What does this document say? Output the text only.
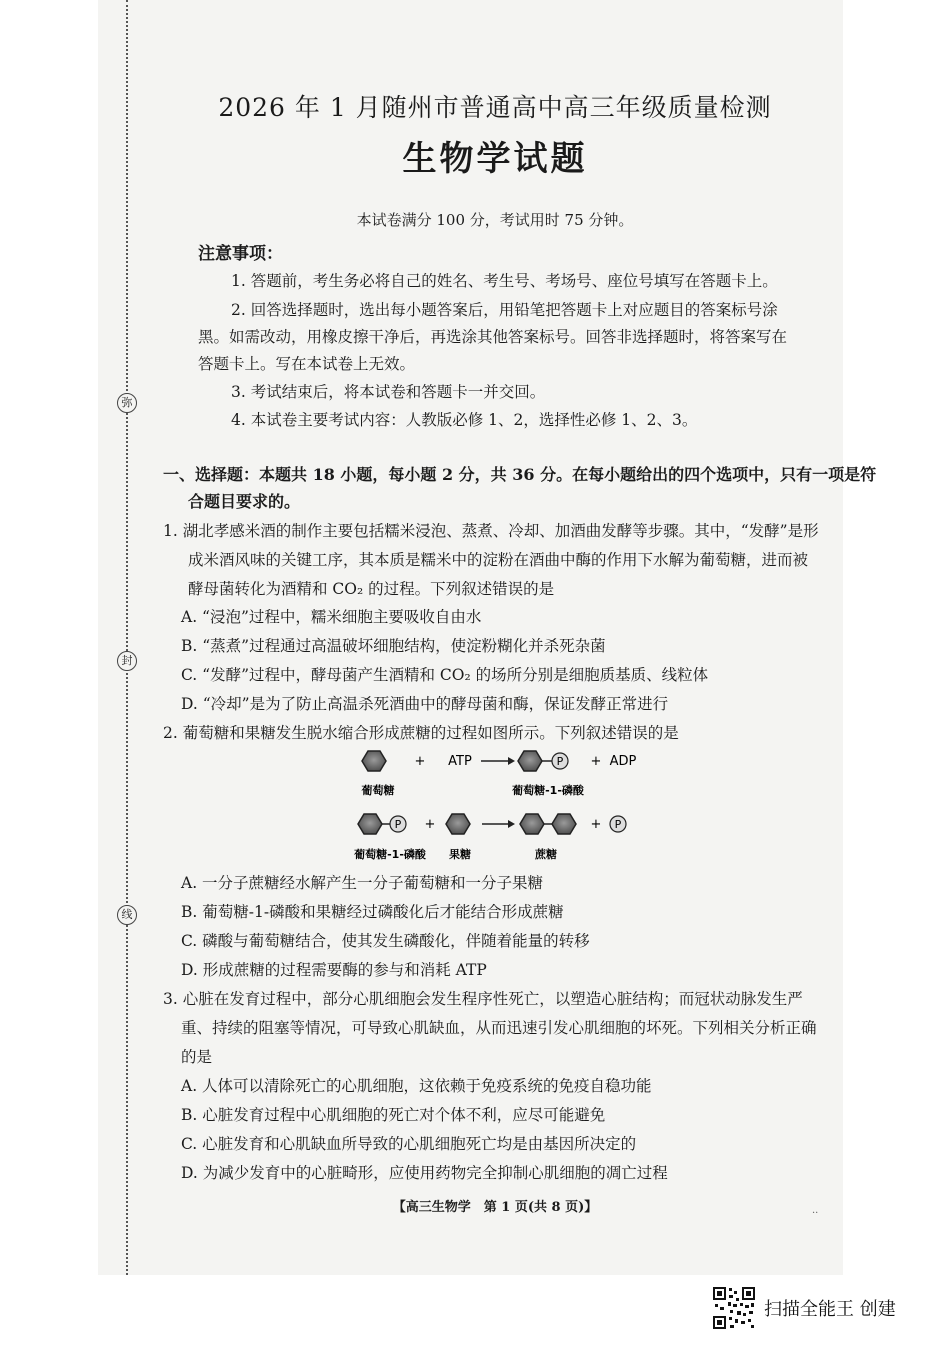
弥
封
线
2026 年 1 月随州市普通高中高三年级质量检测
生物学试题
本试卷满分 100 分，考试用时 75 分钟。
注意事项：
1. 答题前，考生务必将自己的姓名、考生号、考场号、座位号填写在答题卡上。
2. 回答选择题时，选出每小题答案后，用铅笔把答题卡上对应题目的答案标号涂
黑。如需改动，用橡皮擦干净后，再选涂其他答案标号。回答非选择题时，将答案写在
答题卡上。写在本试卷上无效。
3. 考试结束后，将本试卷和答题卡一并交回。
4. 本试卷主要考试内容：人教版必修 1、2，选择性必修 1、2、3。
一、选择题：本题共 18 小题，每小题 2 分，共 36 分。在每小题给出的四个选项中，只有一项是符
合题目要求的。
1. 湖北孝感米酒的制作主要包括糯米浸泡、蒸煮、冷却、加酒曲发酵等步骤。其中，“发酵”是形
成米酒风味的关键工序，其本质是糯米中的淀粉在酒曲中酶的作用下水解为葡萄糖，进而被
酵母菌转化为酒精和 CO₂ 的过程。下列叙述错误的是
A. “浸泡”过程中，糯米细胞主要吸收自由水
B. “蒸煮”过程通过高温破坏细胞结构，使淀粉糊化并杀死杂菌
C. “发酵”过程中，酵母菌产生酒精和 CO₂ 的场所分别是细胞质基质、线粒体
D. “冷却”是为了防止高温杀死酒曲中的酵母菌和酶，保证发酵正常进行
2. 葡萄糖和果糖发生脱水缩合形成蔗糖的过程如图所示。下列叙述错误的是
+ ATP	P + ADP
葡萄糖	葡萄糖-1-磷酸
P +	+ P
葡萄糖-1-磷酸 果糖	蔗糖
A. 一分子蔗糖经水解产生一分子葡萄糖和一分子果糖
B. 葡萄糖-1-磷酸和果糖经过磷酸化后才能结合形成蔗糖
C. 磷酸与葡萄糖结合，使其发生磷酸化，伴随着能量的转移
D. 形成蔗糖的过程需要酶的参与和消耗 ATP
3. 心脏在发育过程中，部分心肌细胞会发生程序性死亡，以塑造心脏结构；而冠状动脉发生严
重、持续的阻塞等情况，可导致心肌缺血，从而迅速引发心肌细胞的坏死。下列相关分析正确
的是
A. 人体可以清除死亡的心肌细胞，这依赖于免疫系统的免疫自稳功能
B. 心脏发育过程中心肌细胞的死亡对个体不利，应尽可能避免
C. 心脏发育和心肌缺血所导致的心肌细胞死亡均是由基因所决定的
D. 为减少发育中的心脏畸形，应使用药物完全抑制心肌细胞的凋亡过程
【高三生物学　第 1 页(共 8 页)】	··
扫描全能王 创建
